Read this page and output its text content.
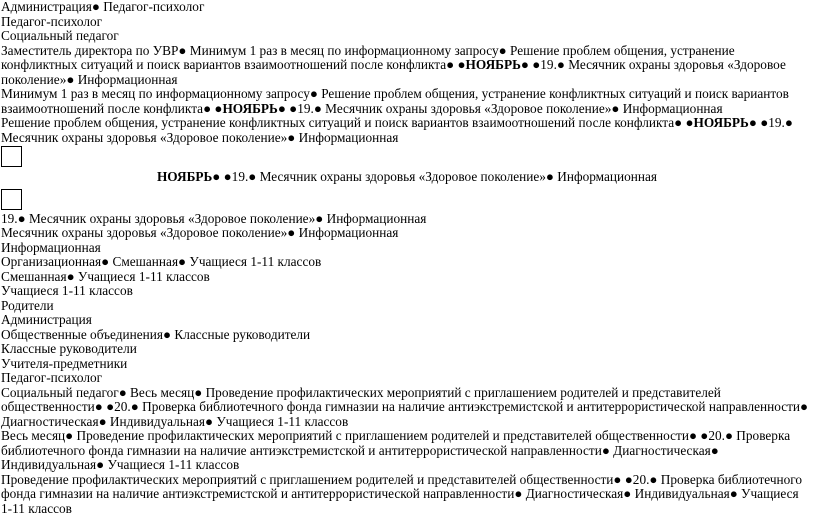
Администрация● Педагог-психолог
Педагог-психолог
Социальный педагог
Заместитель директора по УВР● Минимум 1 раз в месяц по информационному запросу● Решение проблем общения, устранение конфликтных ситуаций и поиск вариантов взаимоотношений после конфликта● ●НОЯБРЬ● ●19.● Месячник охраны здоровья «Здоровое поколение»● Информационная
Минимум 1 раз в месяц по информационному запросу● Решение проблем общения, устранение конфликтных ситуаций и поиск вариантов взаимоотношений после конфликта● ●НОЯБРЬ● ●19.● Месячник охраны здоровья «Здоровое поколение»● Информационная
Решение проблем общения, устранение конфликтных ситуаций и поиск вариантов взаимоотношений после конфликта● ●НОЯБРЬ● ●19.● Месячник охраны здоровья «Здоровое поколение»● Информационная
НОЯБРЬ● ●19.● Месячник охраны здоровья «Здоровое поколение»● Информационная
19.● Месячник охраны здоровья «Здоровое поколение»● Информационная
Месячник охраны здоровья «Здоровое поколение»● Информационная
Информационная
Организационная● Смешанная● Учащиеся 1-11 классов
Смешанная● Учащиеся 1-11 классов
Учащиеся 1-11 классов
Родители
Администрация
Общественные объединения● Классные руководители
Классные руководители
Учителя-предметники
Педагог-психолог
Социальный педагог● Весь месяц● Проведение профилактических мероприятий с приглашением родителей и представителей общественности● ●20.● Проверка библиотечного фонда гимназии на наличие антиэкстремистской и антитеррористической направленности● Диагностическая● Индивидуальная● Учащиеся 1-11 классов
Весь месяц● Проведение профилактических мероприятий с приглашением родителей и представителей общественности● ●20.● Проверка библиотечного фонда гимназии на наличие антиэкстремистской и антитеррористической направленности● Диагностическая● Индивидуальная● Учащиеся 1-11 классов
Проведение профилактических мероприятий с приглашением родителей и представителей общественности● ●20.● Проверка библиотечного фонда гимназии на наличие антиэкстремистской и антитеррористической направленности● Диагностическая● Индивидуальная● Учащиеся 1-11 классов
